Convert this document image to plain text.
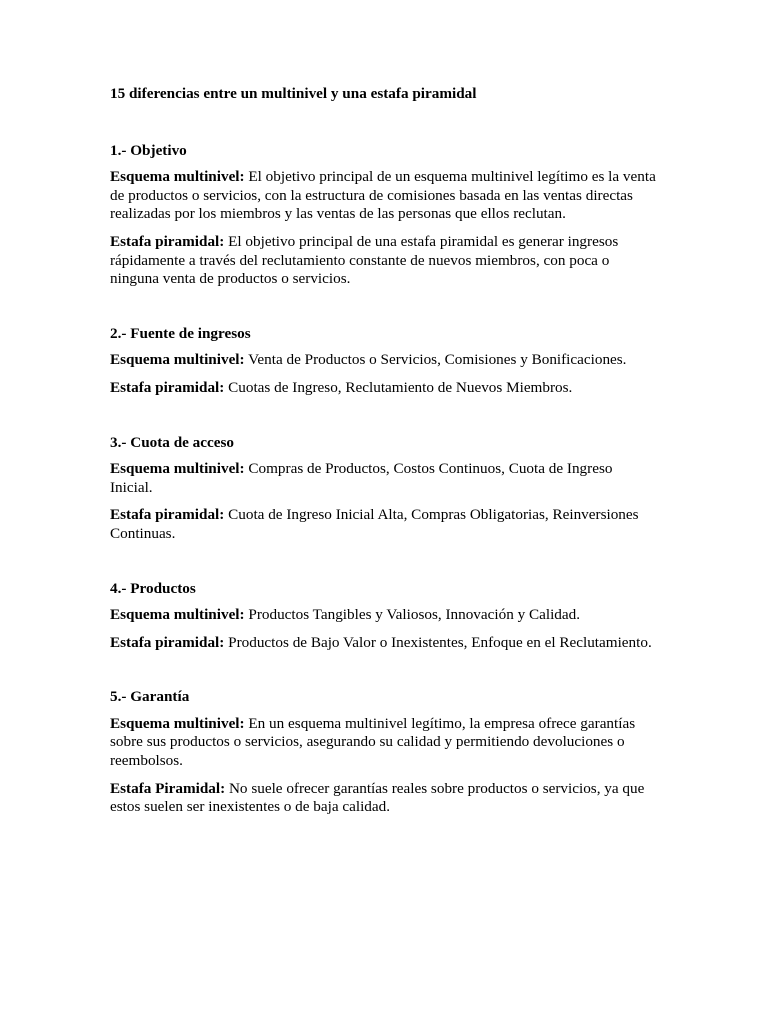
15 diferencias entre un multinivel y una estafa piramidal

1.- Objetivo

Esquema multinivel: El objetivo principal de un esquema multinivel legítimo es la venta de productos o servicios, con la estructura de comisiones basada en las ventas directas realizadas por los miembros y las ventas de las personas que ellos reclutan.

Estafa piramidal: El objetivo principal de una estafa piramidal es generar ingresos rápidamente a través del reclutamiento constante de nuevos miembros, con poca o ninguna venta de productos o servicios.

2.- Fuente de ingresos

Esquema multinivel: Venta de Productos o Servicios, Comisiones y Bonificaciones.

Estafa piramidal: Cuotas de Ingreso, Reclutamiento de Nuevos Miembros.

3.- Cuota de acceso

Esquema multinivel: Compras de Productos, Costos Continuos, Cuota de Ingreso Inicial.

Estafa piramidal: Cuota de Ingreso Inicial Alta, Compras Obligatorias, Reinversiones Continuas.

4.- Productos

Esquema multinivel: Productos Tangibles y Valiosos, Innovación y Calidad.

Estafa piramidal: Productos de Bajo Valor o Inexistentes, Enfoque en el Reclutamiento.

5.- Garantía

Esquema multinivel: En un esquema multinivel legítimo, la empresa ofrece garantías sobre sus productos o servicios, asegurando su calidad y permitiendo devoluciones o reembolsos.

Estafa Piramidal: No suele ofrecer garantías reales sobre productos o servicios, ya que estos suelen ser inexistentes o de baja calidad.
